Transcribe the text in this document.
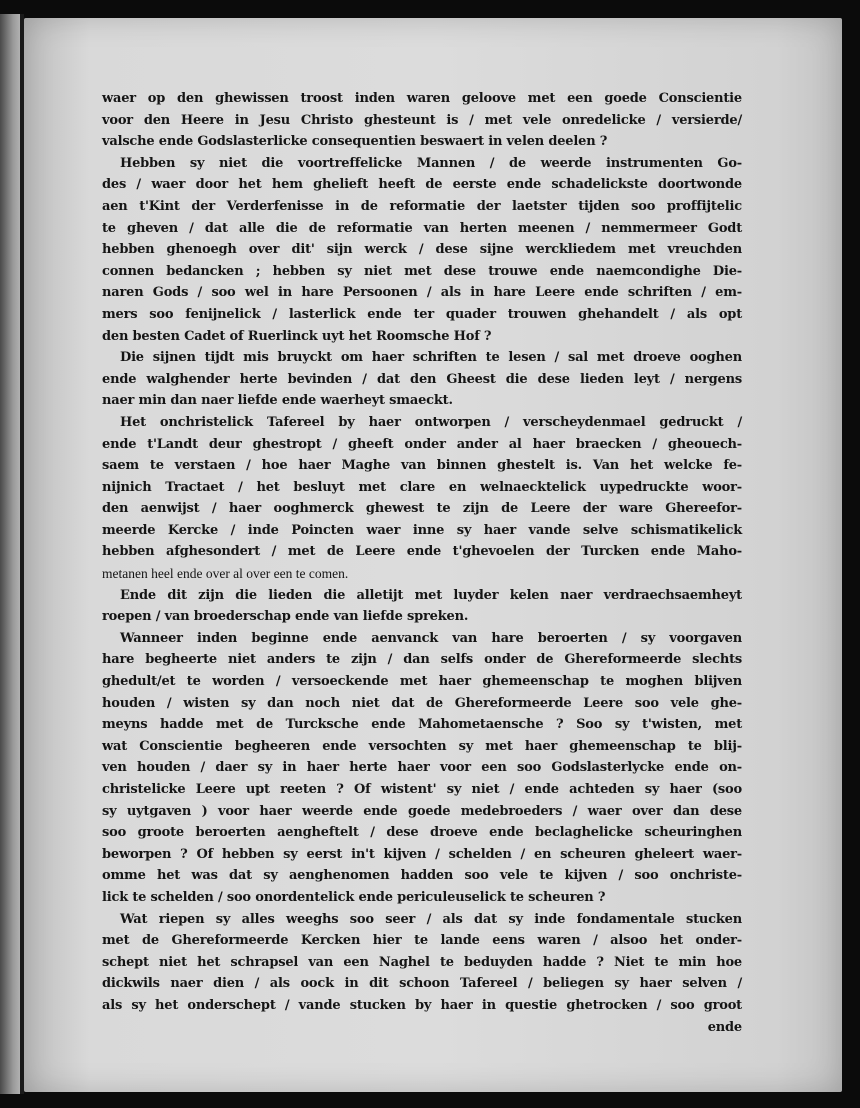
waer op den ghewissen troost inden waren geloove met een goede Conscientie
voor den Heere in Jesu Christo ghesteunt is / met vele onredelicke / versierde/
valsche ende Godslasterlicke consequentien beswaert in velen deelen ?
Hebben sy niet die voortreffelicke Mannen / de weerde instrumenten Go-
des / waer door het hem ghelieft heeft de eerste ende schadelickste doortwonde
aen t'Kint der Verderfenisse in de reformatie der laetster tijden soo proffijtelic
te gheven / dat alle die de reformatie van herten meenen / nemmermeer Godt
hebben ghenoegh over dit' sijn werck / dese sijne werckliedem met vreuchden
connen bedancken ; hebben sy niet met dese trouwe ende naemcondighe Die-
naren Gods / soo wel in hare Persoonen / als in hare Leere ende schriften / em-
mers soo fenijnelick / lasterlick ende ter quader trouwen ghehandelt / als opt
den besten Cadet of Ruerlinck uyt het Roomsche Hof ?
Die sijnen tijdt mis bruyckt om haer schriften te lesen / sal met droeve ooghen
ende walghender herte bevinden / dat den Gheest die dese lieden leyt / nergens
naer min dan naer liefde ende waerheyt smaeckt.
Het onchristelick Tafereel by haer ontworpen / verscheydenmael gedruckt /
ende t'Landt deur ghestropt / gheeft onder ander al haer braecken / gheouech-
saem te verstaen / hoe haer Maghe van binnen ghestelt is. Van het welcke fe-
nijnich Tractaet / het besluyt met clare en welnaecktelick uypedruckte woor-
den aenwijst / haer ooghmerck ghewest te zijn de Leere der ware Ghereefor-
meerde Kercke / inde Poincten waer inne sy haer vande selve schismatikelick
hebben afghesondert / met de Leere ende t'ghevoelen der Turcken ende Maho-
metanen heel ende over al over een te comen.
Ende dit zijn die lieden die alletijt met luyder kelen naer verdraechsaemheyt
roepen / van broederschap ende van liefde spreken.
Wanneer inden beginne ende aenvanck van hare beroerten / sy voorgaven
hare begheerte niet anders te zijn / dan selfs onder de Ghereformeerde slechts
ghedult/et te worden / versoeckende met haer ghemeenschap te moghen blijven
houden / wisten sy dan noch niet dat de Ghereformeerde Leere soo vele ghe-
meyns hadde met de Turcksche ende Mahometaensche ? Soo sy t'wisten, met
wat Conscientie begheeren ende versochten sy met haer ghemeenschap te blij-
ven houden / daer sy in haer herte haer voor een soo Godslasterlycke ende on-
christelicke Leere upt reeten ? Of wistent' sy niet / ende achteden sy haer (soo
sy uytgaven ) voor haer weerde ende goede medebroeders / waer over dan dese
soo groote beroerten aengheftelt / dese droeve ende beclaghelicke scheuringhen
beworpen ? Of hebben sy eerst in't kijven / schelden / en scheuren gheleert waer-
omme het was dat sy aenghenomen hadden soo vele te kijven / soo onchriste-
lick te schelden / soo onordentelick ende periculeuselick te scheuren ?
Wat riepen sy alles weeghs soo seer / als dat sy inde fondamentale stucken
met de Ghereformeerde Kercken hier te lande eens waren / alsoo het onder-
schept niet het schrapsel van een Naghel te beduyden hadde ? Niet te min hoe
dickwils naer dien / als oock in dit schoon Tafereel / beliegen sy haer selven /
als sy het onderschept / vande stucken by haer in questie ghetrocken / soo groot
ende
